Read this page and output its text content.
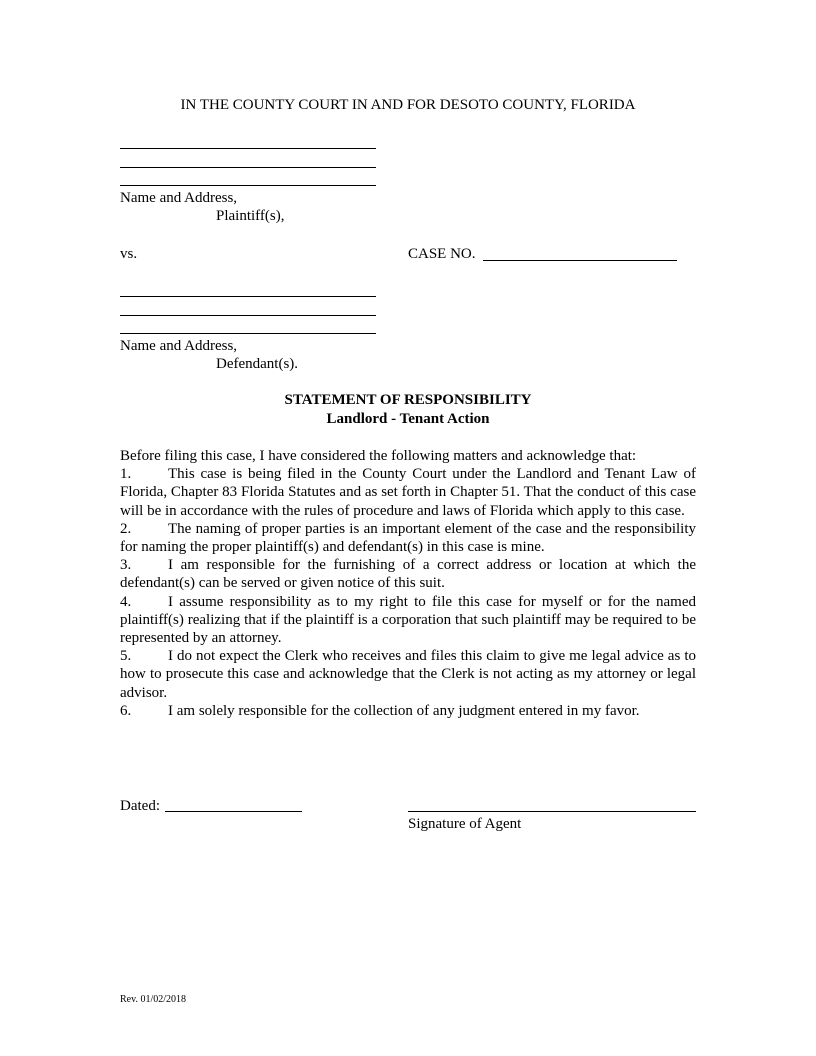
IN THE COUNTY COURT IN AND FOR DESOTO COUNTY, FLORIDA
Name and Address,
Plaintiff(s),
vs.	CASE NO.
Name and Address,
Defendant(s).
STATEMENT OF RESPONSIBILITY
Landlord - Tenant Action

Before filing this case, I have considered the following matters and acknowledge that:

1. This case is being filed in the County Court under the Landlord and Tenant Law of Florida, Chapter 83 Florida Statutes and as set forth in Chapter 51. That the conduct of this case will be in accordance with the rules of procedure and laws of Florida which apply to this case.

2. The naming of proper parties is an important element of the case and the responsibility for naming the proper plaintiff(s) and defendant(s) in this case is mine.

3. I am responsible for the furnishing of a correct address or location at which the defendant(s) can be served or given notice of this suit.

4. I assume responsibility as to my right to file this case for myself or for the named plaintiff(s) realizing that if the plaintiff is a corporation that such plaintiff may be required to be represented by an attorney.

5. I do not expect the Clerk who receives and files this claim to give me legal advice as to how to prosecute this case and acknowledge that the Clerk is not acting as my attorney or legal advisor.

6. I am solely responsible for the collection of any judgment entered in my favor.

Dated:
Signature of Agent
Rev. 01/02/2018
